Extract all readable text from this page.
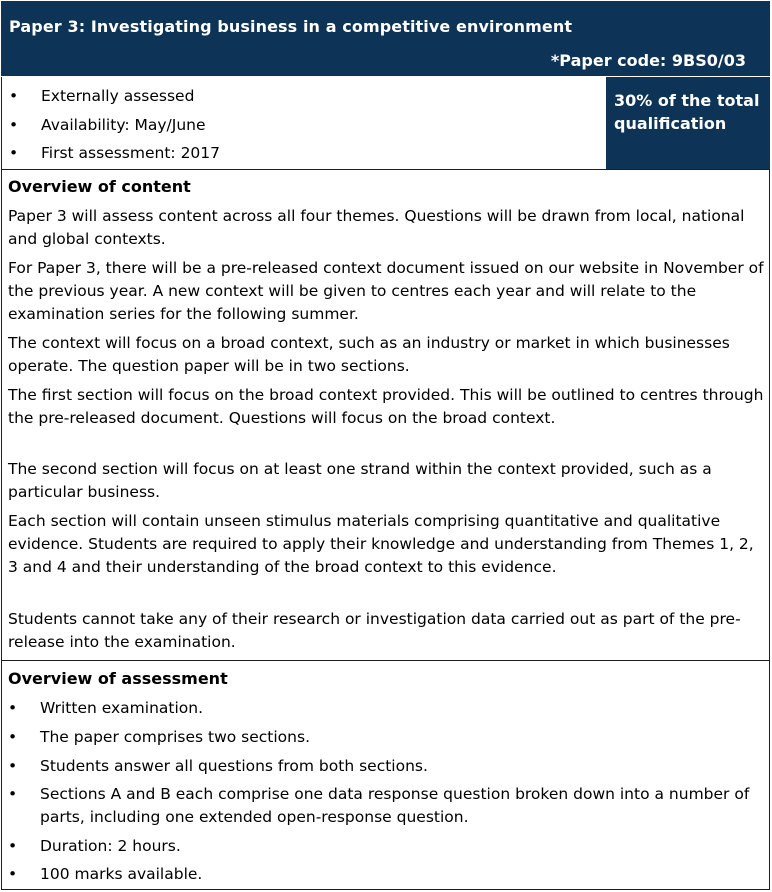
Paper 3: Investigating business in a competitive environment
*Paper code: 9BS0/03
• Externally assessed
• Availability: May/June
• First assessment: 2017
30% of the total qualification
Overview of content
Paper 3 will assess content across all four themes. Questions will be drawn from local, national and global contexts.
For Paper 3, there will be a pre-released context document issued on our website in November of the previous year. A new context will be given to centres each year and will relate to the examination series for the following summer.
The context will focus on a broad context, such as an industry or market in which businesses operate. The question paper will be in two sections.
The first section will focus on the broad context provided. This will be outlined to centres through the pre-released document. Questions will focus on the broad context.
The second section will focus on at least one strand within the context provided, such as a particular business.
Each section will contain unseen stimulus materials comprising quantitative and qualitative evidence. Students are required to apply their knowledge and understanding from Themes 1, 2, 3 and 4 and their understanding of the broad context to this evidence.
Students cannot take any of their research or investigation data carried out as part of the pre-release into the examination.
Overview of assessment
• Written examination.
• The paper comprises two sections.
• Students answer all questions from both sections.
• Sections A and B each comprise one data response question broken down into a number of parts, including one extended open-response question.
• Duration: 2 hours.
• 100 marks available.
